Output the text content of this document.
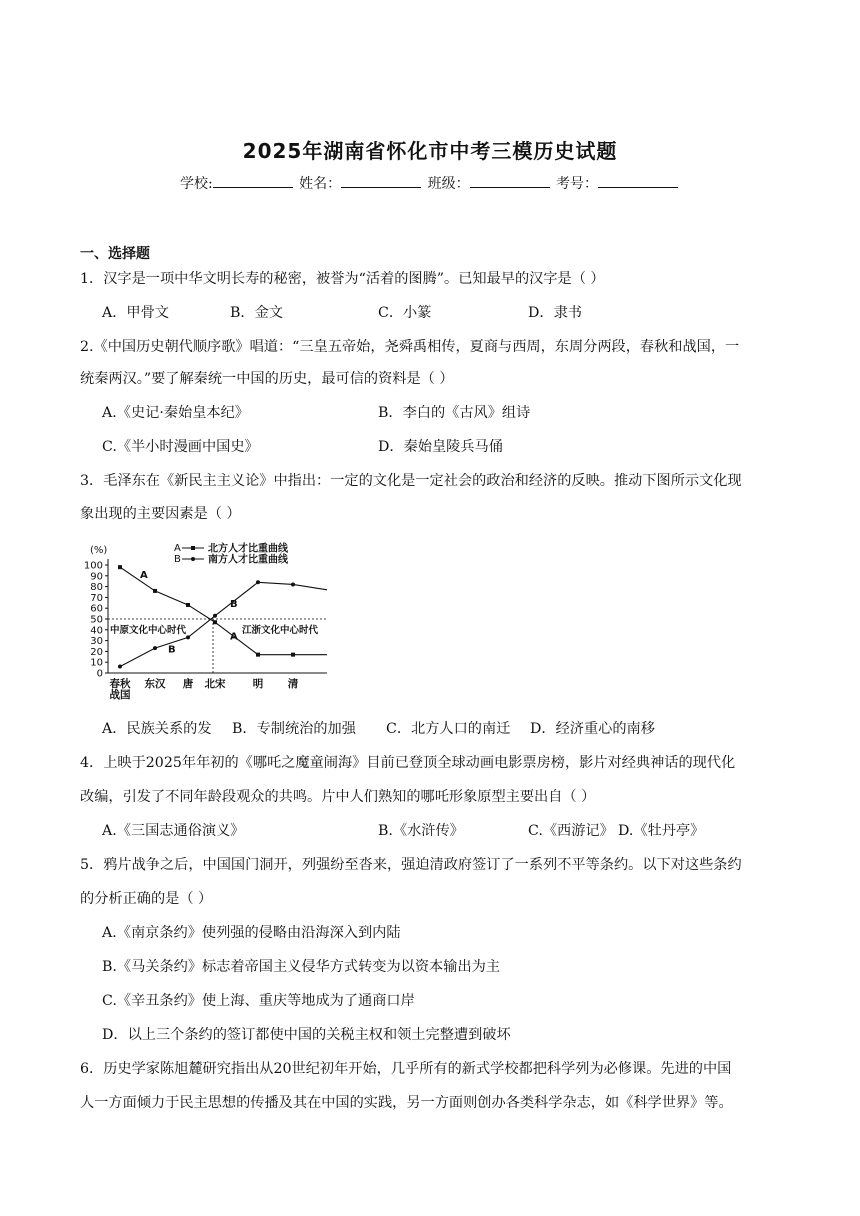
2025年湖南省怀化市中考三模历史试题
学校:	姓名：	班级：	考号：
一、选择题
1．汉字是一项中华文明长寿的秘密，被誉为“活着的图腾”。已知最早的汉字是（ ）
A．甲骨文	B．金文	C．小篆	D．隶书
2.《中国历史朝代顺序歌》唱道：“三皇五帝始，尧舜禹相传，夏商与西周，东周分两段，春秋和战国，一
统秦两汉。”要了解秦统一中国的历史，最可信的资料是（ ）
A.《史记·秦始皇本纪》	B．李白的《古风》组诗
C.《半小时漫画中国史》	D．秦始皇陵兵马俑
3．毛泽东在《新民主主义论》中指出：一定的文化是一定社会的政治和经济的反映。推动下图所示文化现
象出现的主要因素是（ ）
0
10
20
30
40
50
60
70
80
90
100
(%)
春秋
战国
东汉 唐 北宋	明 清
A	北方人才比重曲线
B	南方人才比重曲线
中原文化中心时代	江浙文化中心时代
A
B
B
A
A．民族关系的发 B．专制统治的加强 C．北方人口的南迁 D．经济重心的南移
4．上映于2025年年初的《哪吒之魔童闹海》目前已登顶全球动画电影票房榜，影片对经典神话的现代化
改编，引发了不同年龄段观众的共鸣。片中人们熟知的哪吒形象原型主要出自（ ）
A.《三国志通俗演义》	B.《水浒传》	C.《西游记》 D.《牡丹亭》
5．鸦片战争之后，中国国门洞开，列强纷至沓来，强迫清政府签订了一系列不平等条约。以下对这些条约
的分析正确的是（ ）
A.《南京条约》使列强的侵略由沿海深入到内陆
B.《马关条约》标志着帝国主义侵华方式转变为以资本输出为主
C.《辛丑条约》使上海、重庆等地成为了通商口岸
D．以上三个条约的签订都使中国的关税主权和领土完整遭到破坏
6．历史学家陈旭麓研究指出从20世纪初年开始，几乎所有的新式学校都把科学列为必修课。先进的中国
人一方面倾力于民主思想的传播及其在中国的实践，另一方面则创办各类科学杂志，如《科学世界》等。
